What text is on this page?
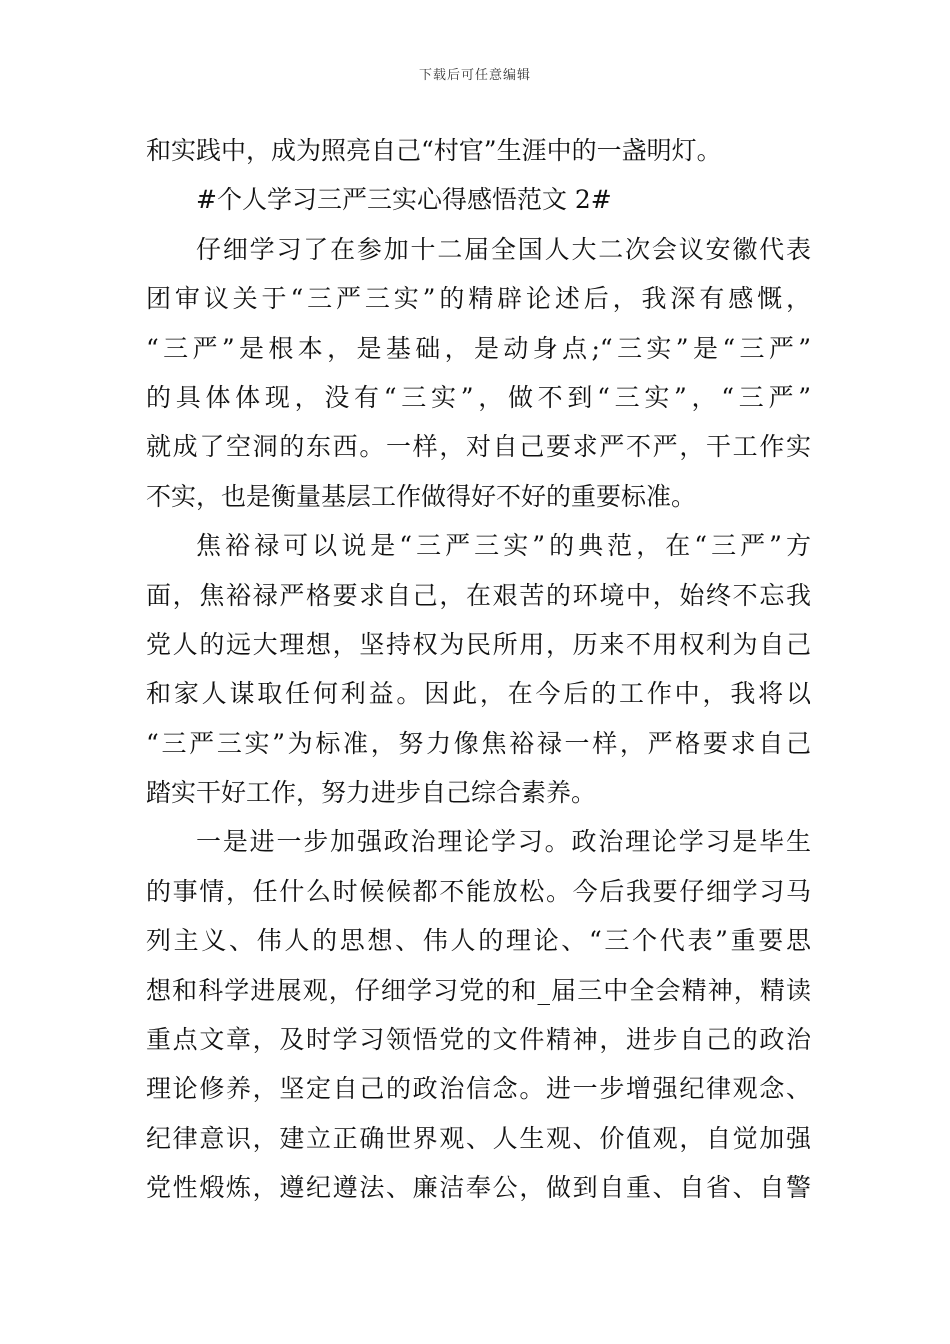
下载后可任意编辑
和实践中，成为照亮自己“村官”生涯中的一盏明灯。
#个人学习三严三实心得感悟范文 2#
仔细学习了在参加十二届全国人大二次会议安徽代表
团审议关于“三严三实”的精辟论述后，我深有感慨，
“三严”是根本，是基础，是动身点;“三实”是“三严”
的具体体现，没有“三实”，做不到“三实”，“三严”
就成了空洞的东西。一样，对自己要求严不严，干工作实
不实，也是衡量基层工作做得好不好的重要标准。
焦裕禄可以说是“三严三实”的典范，在“三严”方
面，焦裕禄严格要求自己，在艰苦的环境中，始终不忘我
党人的远大理想，坚持权为民所用，历来不用权利为自己
和家人谋取任何利益。因此，在今后的工作中，我将以
“三严三实”为标准，努力像焦裕禄一样，严格要求自己
踏实干好工作，努力进步自己综合素养。
一是进一步加强政治理论学习。政治理论学习是毕生
的事情，任什么时候候都不能放松。今后我要仔细学习马
列主义、伟人的思想、伟人的理论、“三个代表”重要思
想和科学进展观，仔细学习党的和_届三中全会精神，精读
重点文章，及时学习领悟党的文件精神，进步自己的政治
理论修养，坚定自己的政治信念。进一步增强纪律观念、
纪律意识，建立正确世界观、人生观、价值观，自觉加强
党性煅炼，遵纪遵法、廉洁奉公，做到自重、自省、自警
